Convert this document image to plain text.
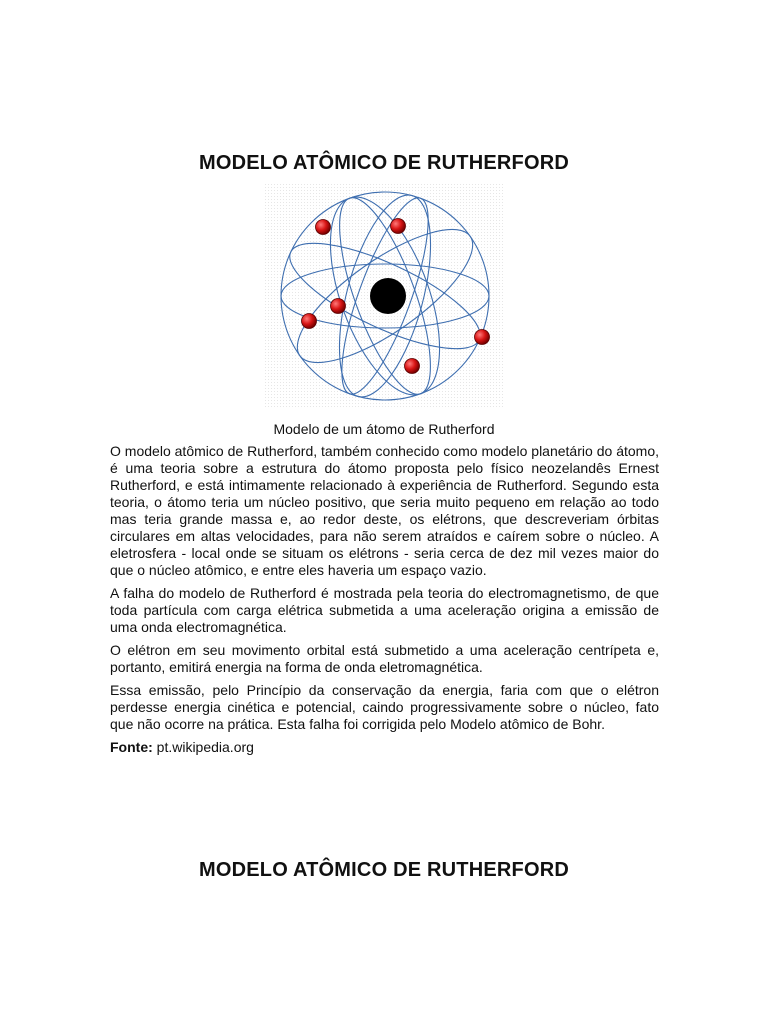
MODELO ATÔMICO DE RUTHERFORD

Modelo de um átomo de Rutherford

O modelo atômico de Rutherford, também conhecido como modelo planetário do átomo, é uma teoria sobre a estrutura do átomo proposta pelo físico neozelandês Ernest Rutherford, e está intimamente relacionado à experiência de Rutherford. Segundo esta teoria, o átomo teria um núcleo positivo, que seria muito pequeno em relação ao todo mas teria grande massa e, ao redor deste, os elétrons, que descreveriam órbitas circulares em altas velocidades, para não serem atraídos e caírem sobre o núcleo. A eletrosfera - local onde se situam os elétrons - seria cerca de dez mil vezes maior do que o núcleo atômico, e entre eles haveria um espaço vazio.

A falha do modelo de Rutherford é mostrada pela teoria do electromagnetismo, de que toda partícula com carga elétrica submetida a uma aceleração origina a emissão de uma onda electromagnética.

O elétron em seu movimento orbital está submetido a uma aceleração centrípeta e, portanto, emitirá energia na forma de onda eletromagnética.

Essa emissão, pelo Princípio da conservação da energia, faria com que o elétron perdesse energia cinética e potencial, caindo progressivamente sobre o núcleo, fato que não ocorre na prática. Esta falha foi corrigida pelo Modelo atômico de Bohr.

Fonte: pt.wikipedia.org
MODELO ATÔMICO DE RUTHERFORD
